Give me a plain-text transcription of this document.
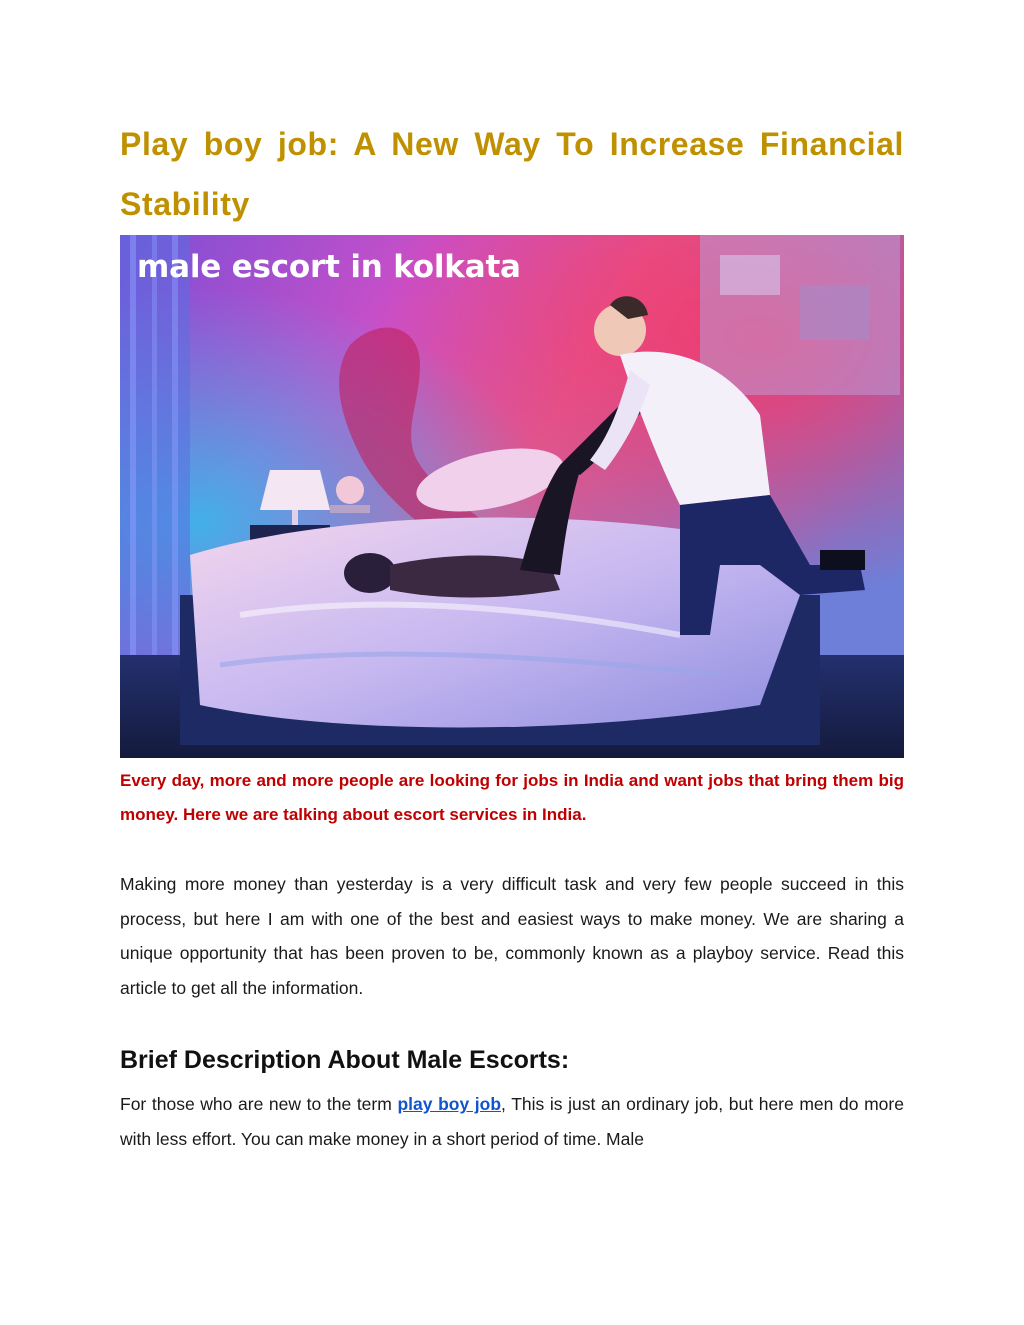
Play boy job: A New Way To Increase Financial Stability
male escort in kolkata

Every day, more and more people are looking for jobs in India and want jobs that bring them big money. Here we are talking about escort services in India.

Making more money than yesterday is a very difficult task and very few people succeed in this process, but here I am with one of the best and easiest ways to make money. We are sharing a unique opportunity that has been proven to be, commonly known as a playboy service. Read this article to get all the information.

Brief Description About Male Escorts:

For those who are new to the term play boy job, This is just an ordinary job, but here men do more with less effort. You can make money in a short period of time. Male
